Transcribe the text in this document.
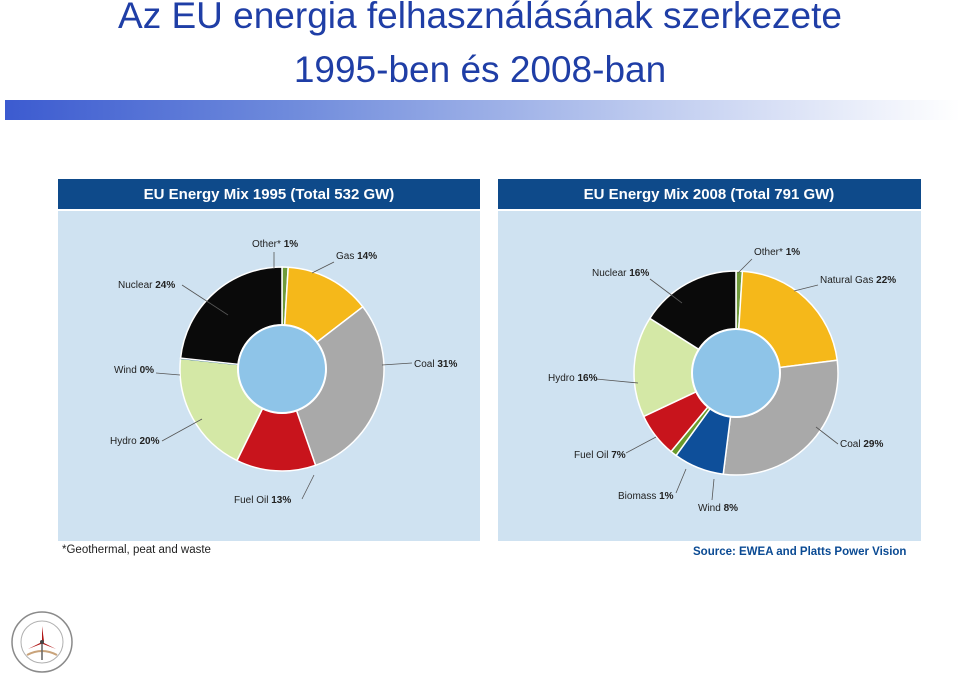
Az EU energia felhasználásának szerkezete
1995-ben és 2008-ban
EU Energy Mix 1995 (Total 532 GW)
Other* 1%
Gas 14%
Coal 31%
Fuel Oil 13%
Hydro 20%
Wind 0%
Nuclear 24%
EU Energy Mix 2008 (Total 791 GW)
Other* 1%
Natural Gas 22%
Coal 29%
Wind 8%
Biomass 1%
Fuel Oil 7%
Hydro 16%
Nuclear 16%
*Geothermal, peat and waste	Source: EWEA and Platts Power Vision
